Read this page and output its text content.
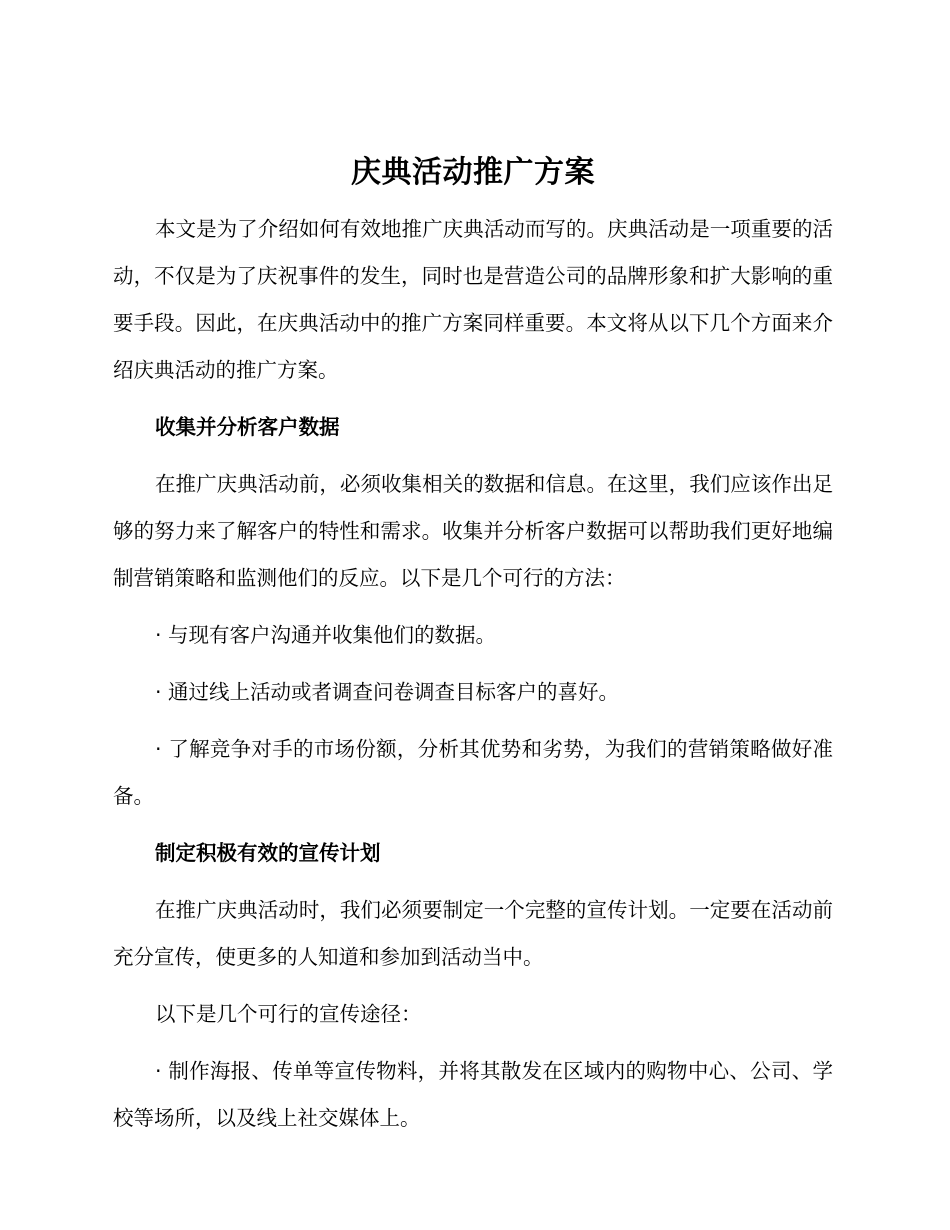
庆典活动推广方案

本文是为了介绍如何有效地推广庆典活动而写的。庆典活动是一项重要的活动，不仅是为了庆祝事件的发生，同时也是营造公司的品牌形象和扩大影响的重要手段。因此，在庆典活动中的推广方案同样重要。本文将从以下几个方面来介绍庆典活动的推广方案。

收集并分析客户数据

在推广庆典活动前，必须收集相关的数据和信息。在这里，我们应该作出足够的努力来了解客户的特性和需求。收集并分析客户数据可以帮助我们更好地编制营销策略和监测他们的反应。以下是几个可行的方法：

· 与现有客户沟通并收集他们的数据。

· 通过线上活动或者调查问卷调查目标客户的喜好。

· 了解竞争对手的市场份额，分析其优势和劣势，为我们的营销策略做好准备。

制定积极有效的宣传计划

在推广庆典活动时，我们必须要制定一个完整的宣传计划。一定要在活动前充分宣传，使更多的人知道和参加到活动当中。

以下是几个可行的宣传途径：

· 制作海报、传单等宣传物料，并将其散发在区域内的购物中心、公司、学校等场所，以及线上社交媒体上。
